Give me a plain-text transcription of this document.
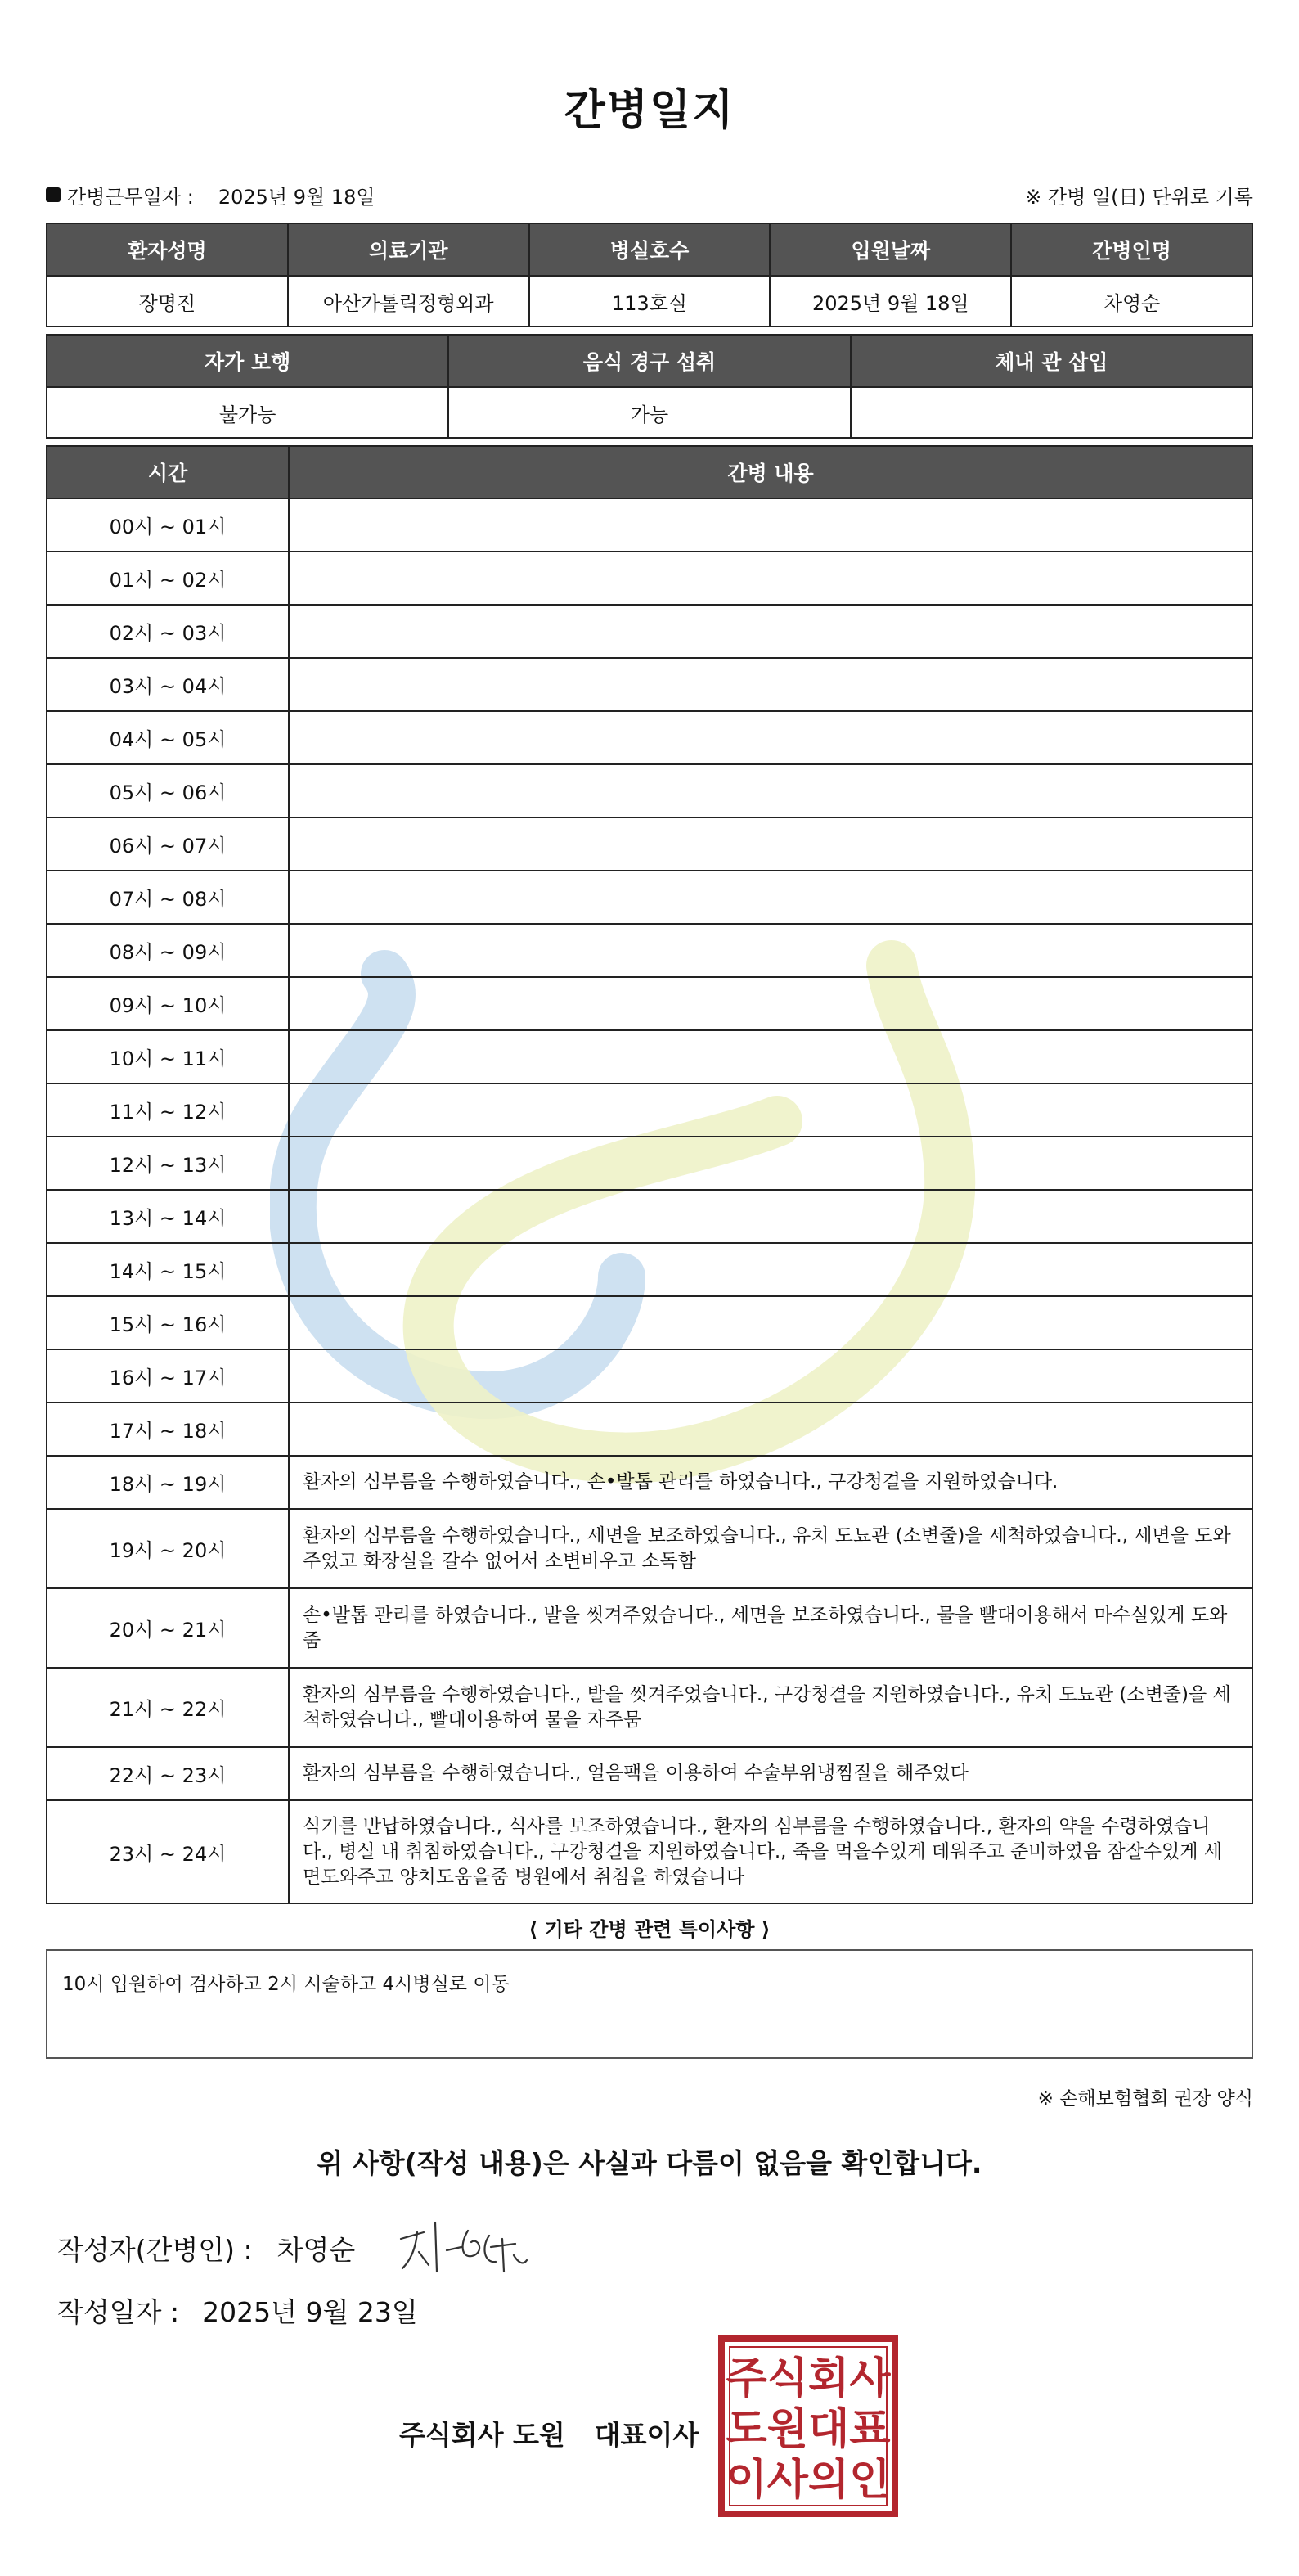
간병일지
간병근무일자 : 2025년 9월 18일	※ 간병 일(日) 단위로 기록
환자성명	의료기관	병실호수	입원날짜	간병인명
장명진	아산가톨릭정형외과	113호실	2025년 9월 18일	차영순
자가 보행	음식 경구 섭취	체내 관 삽입
불가능	가능	
시간	간병 내용
00시 ~ 01시	
01시 ~ 02시	
02시 ~ 03시	
03시 ~ 04시	
04시 ~ 05시	
05시 ~ 06시	
06시 ~ 07시	
07시 ~ 08시	
08시 ~ 09시	
09시 ~ 10시	
10시 ~ 11시	
11시 ~ 12시	
12시 ~ 13시	
13시 ~ 14시	
14시 ~ 15시	
15시 ~ 16시	
16시 ~ 17시	
17시 ~ 18시	
18시 ~ 19시	환자의 심부름을 수행하였습니다., 손•발톱 관리를 하였습니다., 구강청결을 지원하였습니다.
19시 ~ 20시	환자의 심부름을 수행하였습니다., 세면을 보조하였습니다., 유치 도뇨관 (소변줄)을 세척하였습니다., 세면을 도와주었고 화장실을 갈수 없어서 소변비우고 소독함
20시 ~ 21시	손•발톱 관리를 하였습니다., 발을 씻겨주었습니다., 세면을 보조하였습니다., 물을 빨대이용해서 마수실있게 도와줌
21시 ~ 22시	환자의 심부름을 수행하였습니다., 발을 씻겨주었습니다., 구강청결을 지원하였습니다., 유치 도뇨관 (소변줄)을 세척하였습니다., 빨대이용하여 물을 자주뭄
22시 ~ 23시	환자의 심부름을 수행하였습니다., 얼음팩을 이용하여 수술부위냉찜질을 해주었다
23시 ~ 24시	식기를 반납하였습니다., 식사를 보조하였습니다., 환자의 심부름을 수행하였습니다., 환자의 약을 수령하였습니다., 병실 내 취침하였습니다., 구강청결을 지원하였습니다., 죽을 먹을수있게 데워주고 준비하였음 잠잘수있게 세면도와주고 양치도움을줌 병원에서 취침을 하였습니다
⟨ 기타 간병 관련 특이사항 ⟩
10시 입원하여 검사하고 2시 시술하고 4시병실로 이동
※ 손해보험협회 권장 양식
위 사항(작성 내용)은 사실과 다름이 없음을 확인합니다.
작성자(간병인) : 차영순
작성일자 : 2025년 9월 23일
주식회사 도원 대표이사
주식회사
도원대표
이사의인
